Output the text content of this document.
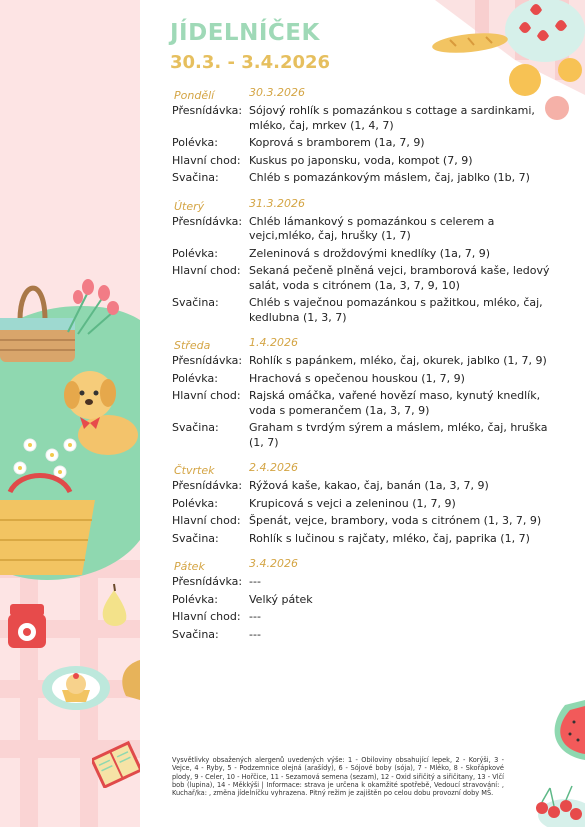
JÍDELNÍČEK
30.3. - 3.4.2026
Pondělí	30.3.2026
Přesnídávka: Sójový rohlík s pomazánkou s cottage a sardinkami, mléko, čaj, mrkev (1, 4, 7)
Polévka:	Koprová s bramborem (1a, 7, 9)
Hlavní chod: Kuskus po japonsku, voda, kompot (7, 9)
Svačina:	Chléb s pomazánkovým máslem, čaj, jablko (1b, 7)
Úterý	31.3.2026
Přesnídávka: Chléb lámankový s pomazánkou s celerem a vejci,mléko, čaj, hrušky (1, 7)
Polévka:	Zeleninová s droždovými knedlíky (1a, 7, 9)
Hlavní chod: Sekaná pečeně plněná vejci, bramborová kaše, ledový salát, voda s citrónem (1a, 3, 7, 9, 10)
Svačina:	Chléb s vaječnou pomazánkou s pažitkou, mléko, čaj, kedlubna (1, 3, 7)
Středa	1.4.2026
Přesnídávka: Rohlík s papánkem, mléko, čaj, okurek, jablko (1, 7, 9)
Polévka:	Hrachová s opečenou houskou (1, 7, 9)
Hlavní chod: Rajská omáčka, vařené hovězí maso, kynutý knedlík, voda s pomerančem (1a, 3, 7, 9)
Svačina:	Graham s tvrdým sýrem a máslem, mléko, čaj, hruška (1, 7)
Čtvrtek	2.4.2026
Přesnídávka: Rýžová kaše, kakao, čaj, banán (1a, 3, 7, 9)
Polévka:	Krupicová s vejci a zeleninou (1, 7, 9)
Hlavní chod: Špenát, vejce, brambory, voda s citrónem (1, 3, 7, 9)
Svačina:	Rohlík s lučinou s rajčaty, mléko, čaj, paprika (1, 7)
Pátek	3.4.2026
Přesnídávka: ---
Polévka:	Velký pátek
Hlavní chod: ---
Svačina:	---
Vysvětlivky obsažených alergenů uvedených výše: 1 - Obiloviny obsahující lepek, 2 - Korýši, 3 - Vejce, 4 - Ryby, 5 - Podzemnice olejná (arašídy), 6 - Sójové boby (sója), 7 - Mléko, 8 - Skořápkové plody, 9 - Celer, 10 - Hořčice, 11 - Sezamová semena (sezam), 12 - Oxid siřičitý a siřičitany, 13 - Vlčí bob (lupina), 14 - Měkkýši | Informace: strava je určena k okamžité spotřebě, Vedoucí stravování: , Kuchař/ka: , změna jídelníčku vyhrazena. Pitný režim je zajištěn po celou dobu provozní doby MŠ.
